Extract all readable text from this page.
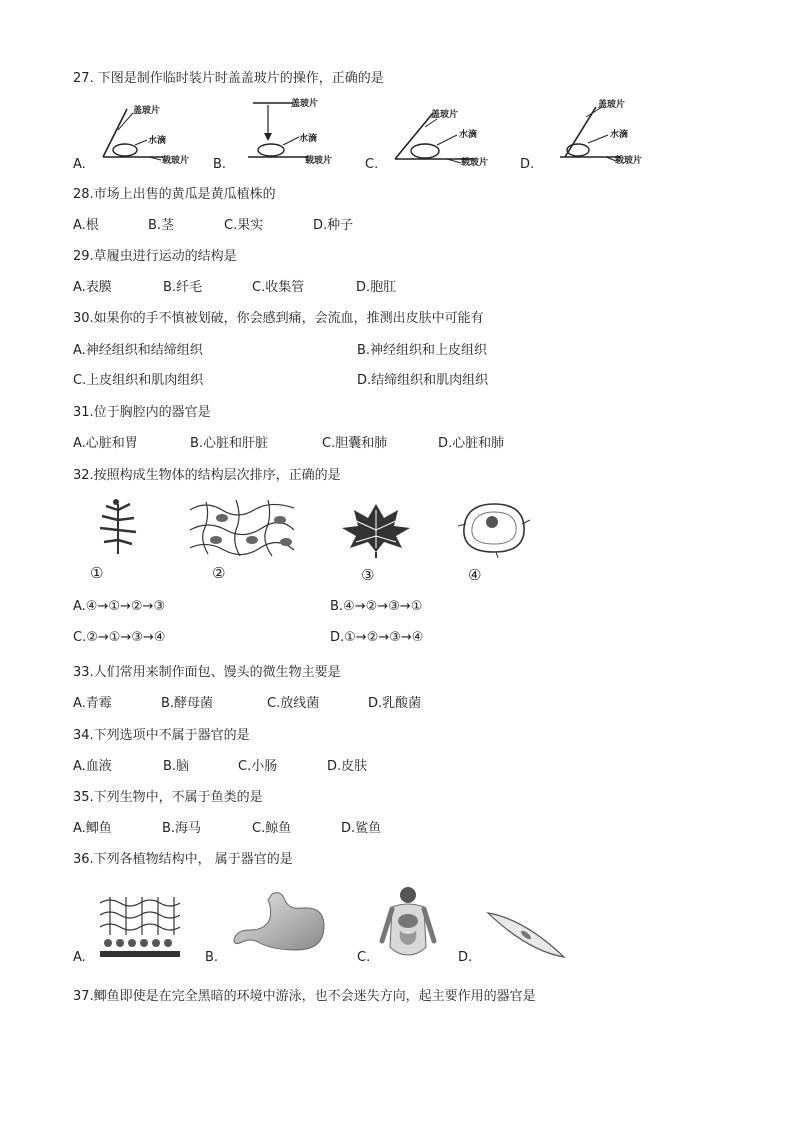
27. 下图是制作临时装片时盖盖玻片的操作，正确的是
盖玻片
水滴
载玻片
A.
盖玻片
水滴
载玻片
B.
盖玻片
水滴
载玻片
C.
盖玻片
水滴
载玻片
D.
28.市场上出售的黄瓜是黄瓜植株的
A.根	B.茎	C.果实	D.种子
29.草履虫进行运动的结构是
A.表膜	B.纤毛	C.收集管	D.胞肛
30.如果你的手不慎被划破，你会感到痛，会流血，推测出皮肤中可能有
A.神经组织和结缔组织	B.神经组织和上皮组织
C.上皮组织和肌肉组织	D.结缔组织和肌肉组织
31.位于胸腔内的器官是
A.心脏和胃	B.心脏和肝脏	C.胆囊和肺	D.心脏和肺
32.按照构成生物体的结构层次排序，正确的是
①	②	③	④
A.④→①→②→③	B.④→②→③→①
C.②→①→③→④	D.①→②→③→④
33.人们常用来制作面包、馒头的微生物主要是
A.青霉	B.酵母菌	C.放线菌	D.乳酸菌
34.下列选项中不属于器官的是
A.血液	B.脑	C.小肠	D.皮肤
35.下列生物中，不属于鱼类的是
A.鲫鱼	B.海马	C.鲸鱼	D.鲨鱼
36.下列各植物结构中， 属于器官的是
A.	B.	C.	D.
37.鲫鱼即使是在完全黑暗的环境中游泳，也不会迷失方向，起主要作用的器官是
